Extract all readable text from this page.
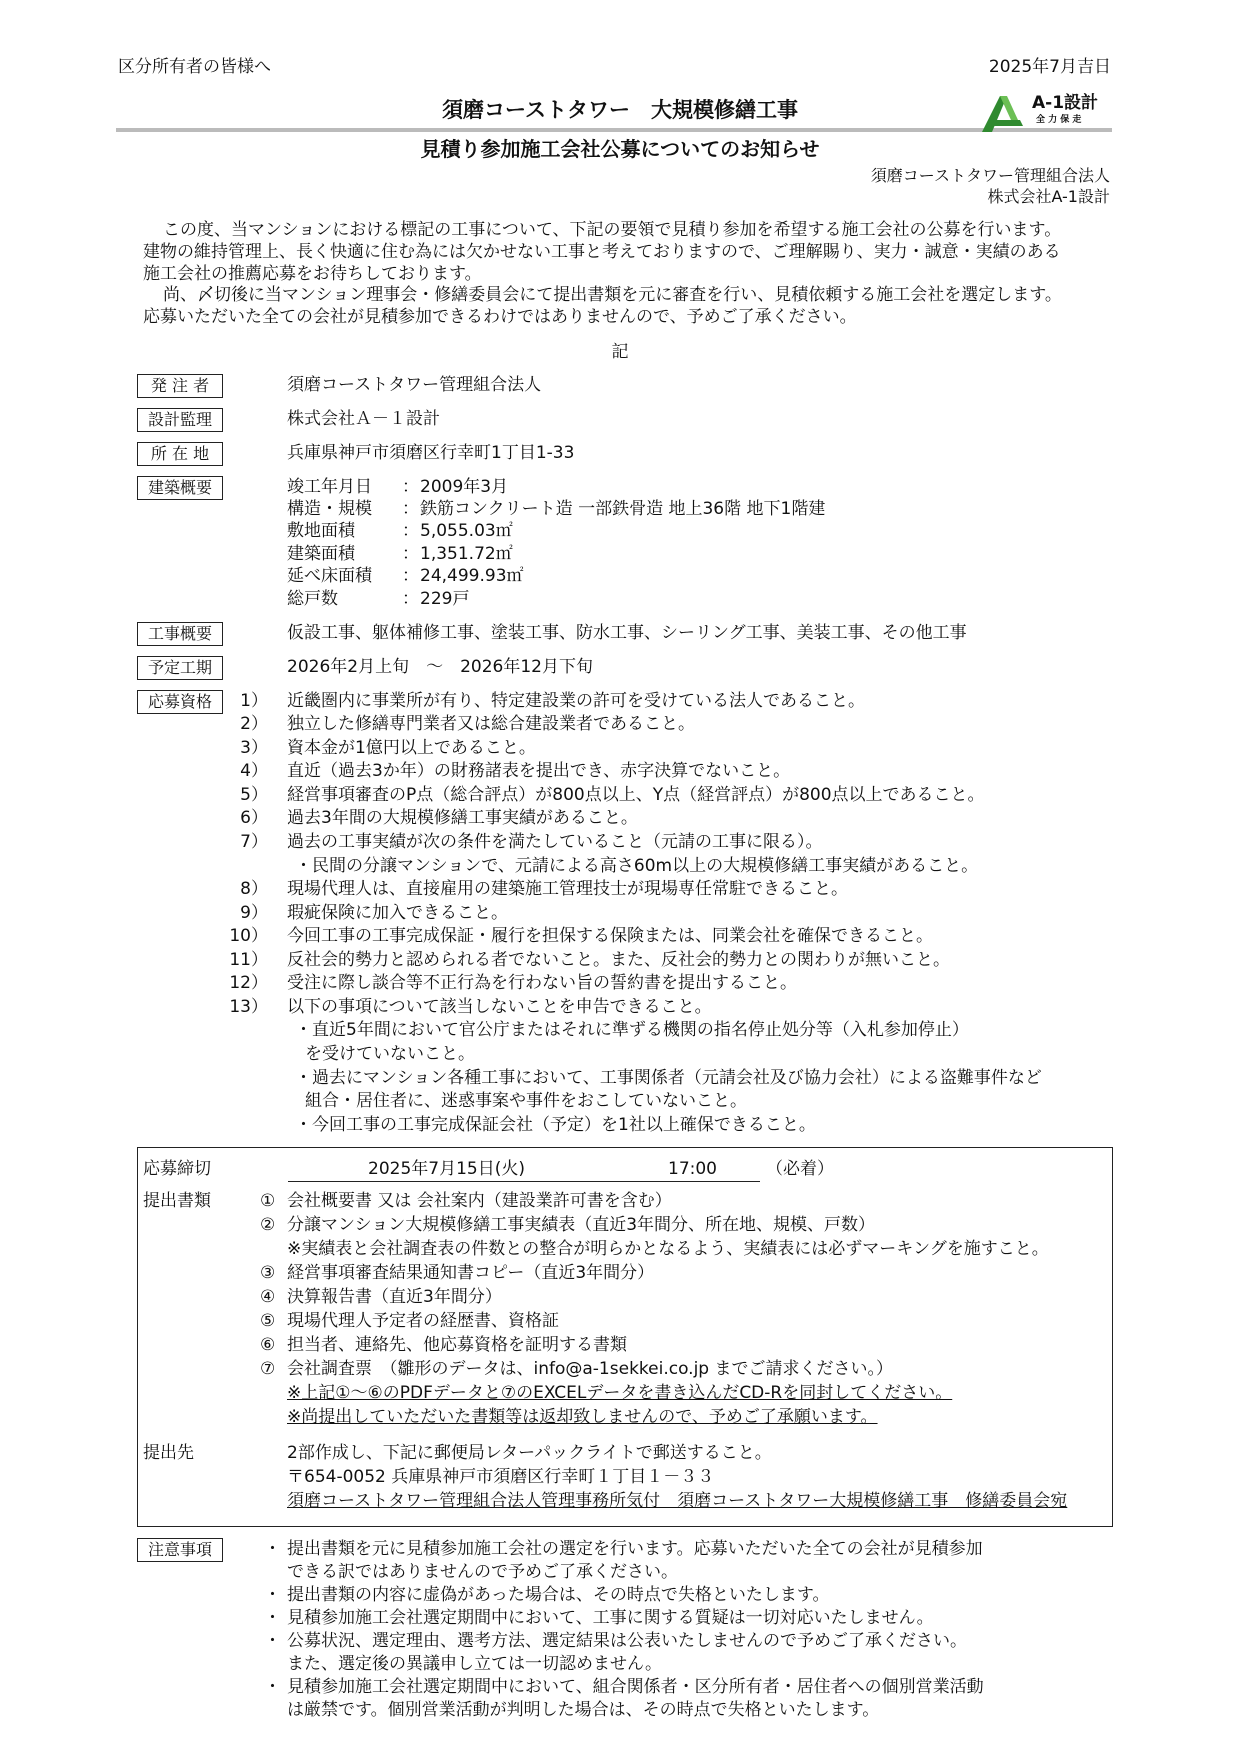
区分所有者の皆様へ	2025年7月吉日
須磨コーストタワー　大規模修繕工事	A-1設計
全 力 保 走
見積り参加施工会社公募についてのお知らせ
須磨コーストタワー管理組合法人
株式会社A-1設計
この度、当マンションにおける標記の工事について、下記の要領で見積り参加を希望する施工会社の公募を行います。
建物の維持管理上、長く快適に住む為には欠かせない工事と考えておりますので、ご理解賜り、実力・誠意・実績のある
施工会社の推薦応募をお待ちしております。
尚、〆切後に当マンション理事会・修繕委員会にて提出書類を元に審査を行い、見積依頼する施工会社を選定します。
応募いただいた全ての会社が見積参加できるわけではありませんので、予めご了承ください。
記
発 注 者	須磨コーストタワー管理組合法人
設計監理	株式会社Ａ－１設計
所 在 地	兵庫県神戸市須磨区行幸町1丁目1-33
建築概要	竣工年月日 ： 2009年3月
構造・規模 ： 鉄筋コンクリート造 一部鉄骨造 地上36階 地下1階建
敷地面積	： 5,055.03㎡
建築面積	： 1,351.72㎡
延べ床面積 ： 24,499.93㎡
総戸数	： 229戸
工事概要	仮設工事、躯体補修工事、塗装工事、防水工事、シーリング工事、美装工事、その他工事
予定工期	2026年2月上旬　～　2026年12月下旬
応募資格	1） 近畿圏内に事業所が有り、特定建設業の許可を受けている法人であること。
2） 独立した修繕専門業者又は総合建設業者であること。
3） 資本金が1億円以上であること。
4） 直近（過去3か年）の財務諸表を提出でき、赤字決算でないこと。
5） 経営事項審査のP点（総合評点）が800点以上、Y点（経営評点）が800点以上であること。
6） 過去3年間の大規模修繕工事実績があること。
7） 過去の工事実績が次の条件を満たしていること（元請の工事に限る）。
・民間の分譲マンションで、元請による高さ60m以上の大規模修繕工事実績があること。
8） 現場代理人は、直接雇用の建築施工管理技士が現場専任常駐できること。
9） 瑕疵保険に加入できること。
10） 今回工事の工事完成保証・履行を担保する保険または、同業会社を確保できること。
11） 反社会的勢力と認められる者でないこと。また、反社会的勢力との関わりが無いこと。
12） 受注に際し談合等不正行為を行わない旨の誓約書を提出すること。
13） 以下の事項について該当しないことを申告できること。
・直近5年間において官公庁またはそれに準ずる機関の指名停止処分等（入札参加停止）
を受けていないこと。
・過去にマンション各種工事において、工事関係者（元請会社及び協力会社）による盗難事件など
組合・居住者に、迷惑事案や事件をおこしていないこと。
・今回工事の工事完成保証会社（予定）を1社以上確保できること。
応募締切	2025年7月15日(火)	17:00	（必着）
提出書類	① 会社概要書 又は 会社案内（建設業許可書を含む）
② 分譲マンション大規模修繕工事実績表（直近3年間分、所在地、規模、戸数）
※実績表と会社調査表の件数との整合が明らかとなるよう、実績表には必ずマーキングを施すこと。
③ 経営事項審査結果通知書コピー（直近3年間分）
④ 決算報告書（直近3年間分）
⑤ 現場代理人予定者の経歴書、資格証
⑥ 担当者、連絡先、他応募資格を証明する書類
⑦ 会社調査票　（雛形のデータは、info@a-1sekkei.co.jp までご請求ください。）
※上記①～⑥のPDFデータと⑦のEXCELデータを書き込んだCD-Rを同封してください。
※尚提出していただいた書類等は返却致しませんので、予めご了承願います。
提出先	2部作成し、下記に郵便局レターパックライトで郵送すること。
〒654-0052 兵庫県神戸市須磨区行幸町１丁目１－３３
須磨コーストタワー管理組合法人管理事務所気付　須磨コーストタワー大規模修繕工事　修繕委員会宛
注意事項	・ 提出書類を元に見積参加施工会社の選定を行います。応募いただいた全ての会社が見積参加
できる訳ではありませんので予めご了承ください。
・ 提出書類の内容に虚偽があった場合は、その時点で失格といたします。
・ 見積参加施工会社選定期間中において、工事に関する質疑は一切対応いたしません。
・ 公募状況、選定理由、選考方法、選定結果は公表いたしませんので予めご了承ください。
また、選定後の異議申し立ては一切認めません。
・ 見積参加施工会社選定期間中において、組合関係者・区分所有者・居住者への個別営業活動
は厳禁です。個別営業活動が判明した場合は、その時点で失格といたします。
